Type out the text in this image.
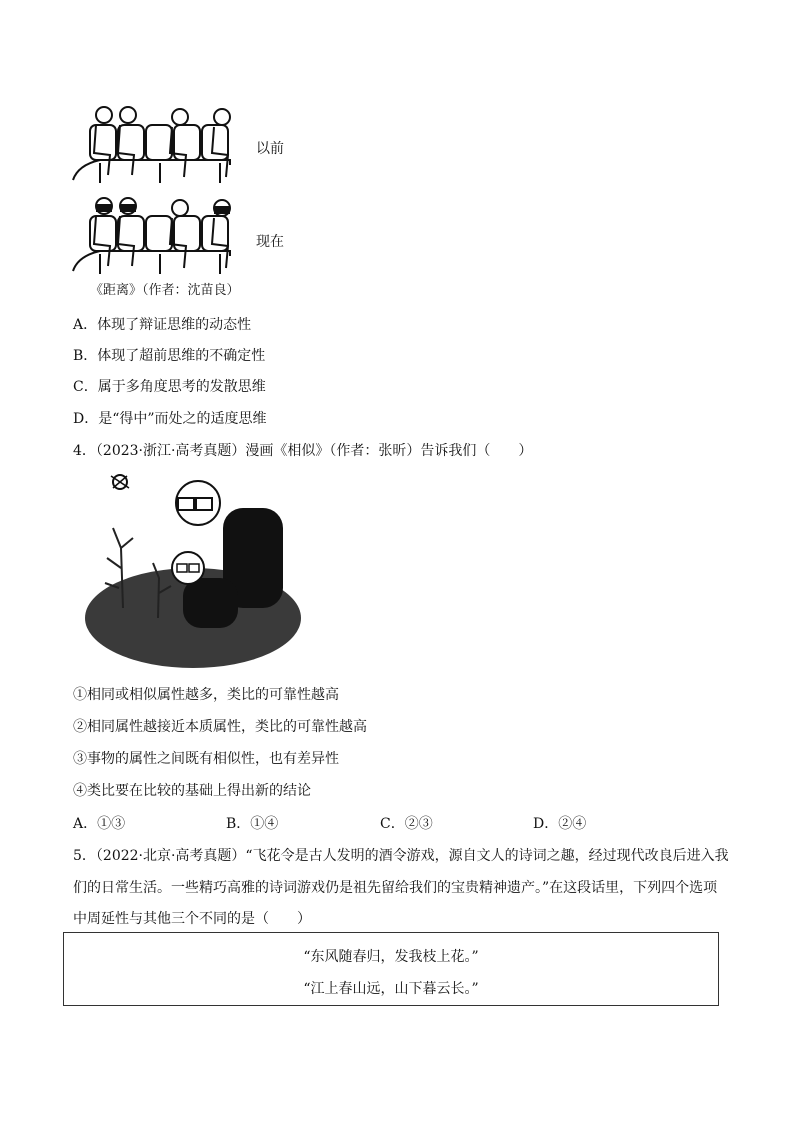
以前
现在
《距离》（作者：沈苗良）
A．体现了辩证思维的动态性
B．体现了超前思维的不确定性
C．属于多角度思考的发散思维
D．是“得中”而处之的适度思维
4．（2023·浙江·高考真题）漫画《相似》（作者：张昕）告诉我们（　　）
①相同或相似属性越多，类比的可靠性越高
②相同属性越接近本质属性，类比的可靠性越高
③事物的属性之间既有相似性，也有差异性
④类比要在比较的基础上得出新的结论
A．①③	B．①④	C．②③	D．②④
5．（2022·北京·高考真题）“飞花令是古人发明的酒令游戏，源自文人的诗词之趣，经过现代改良后进入我
们的日常生活。一些精巧高雅的诗词游戏仍是祖先留给我们的宝贵精神遗产。”在这段话里，下列四个选项
中周延性与其他三个不同的是（　　）
“东风随春归，发我枝上花。”
“江上春山远，山下暮云长。”
